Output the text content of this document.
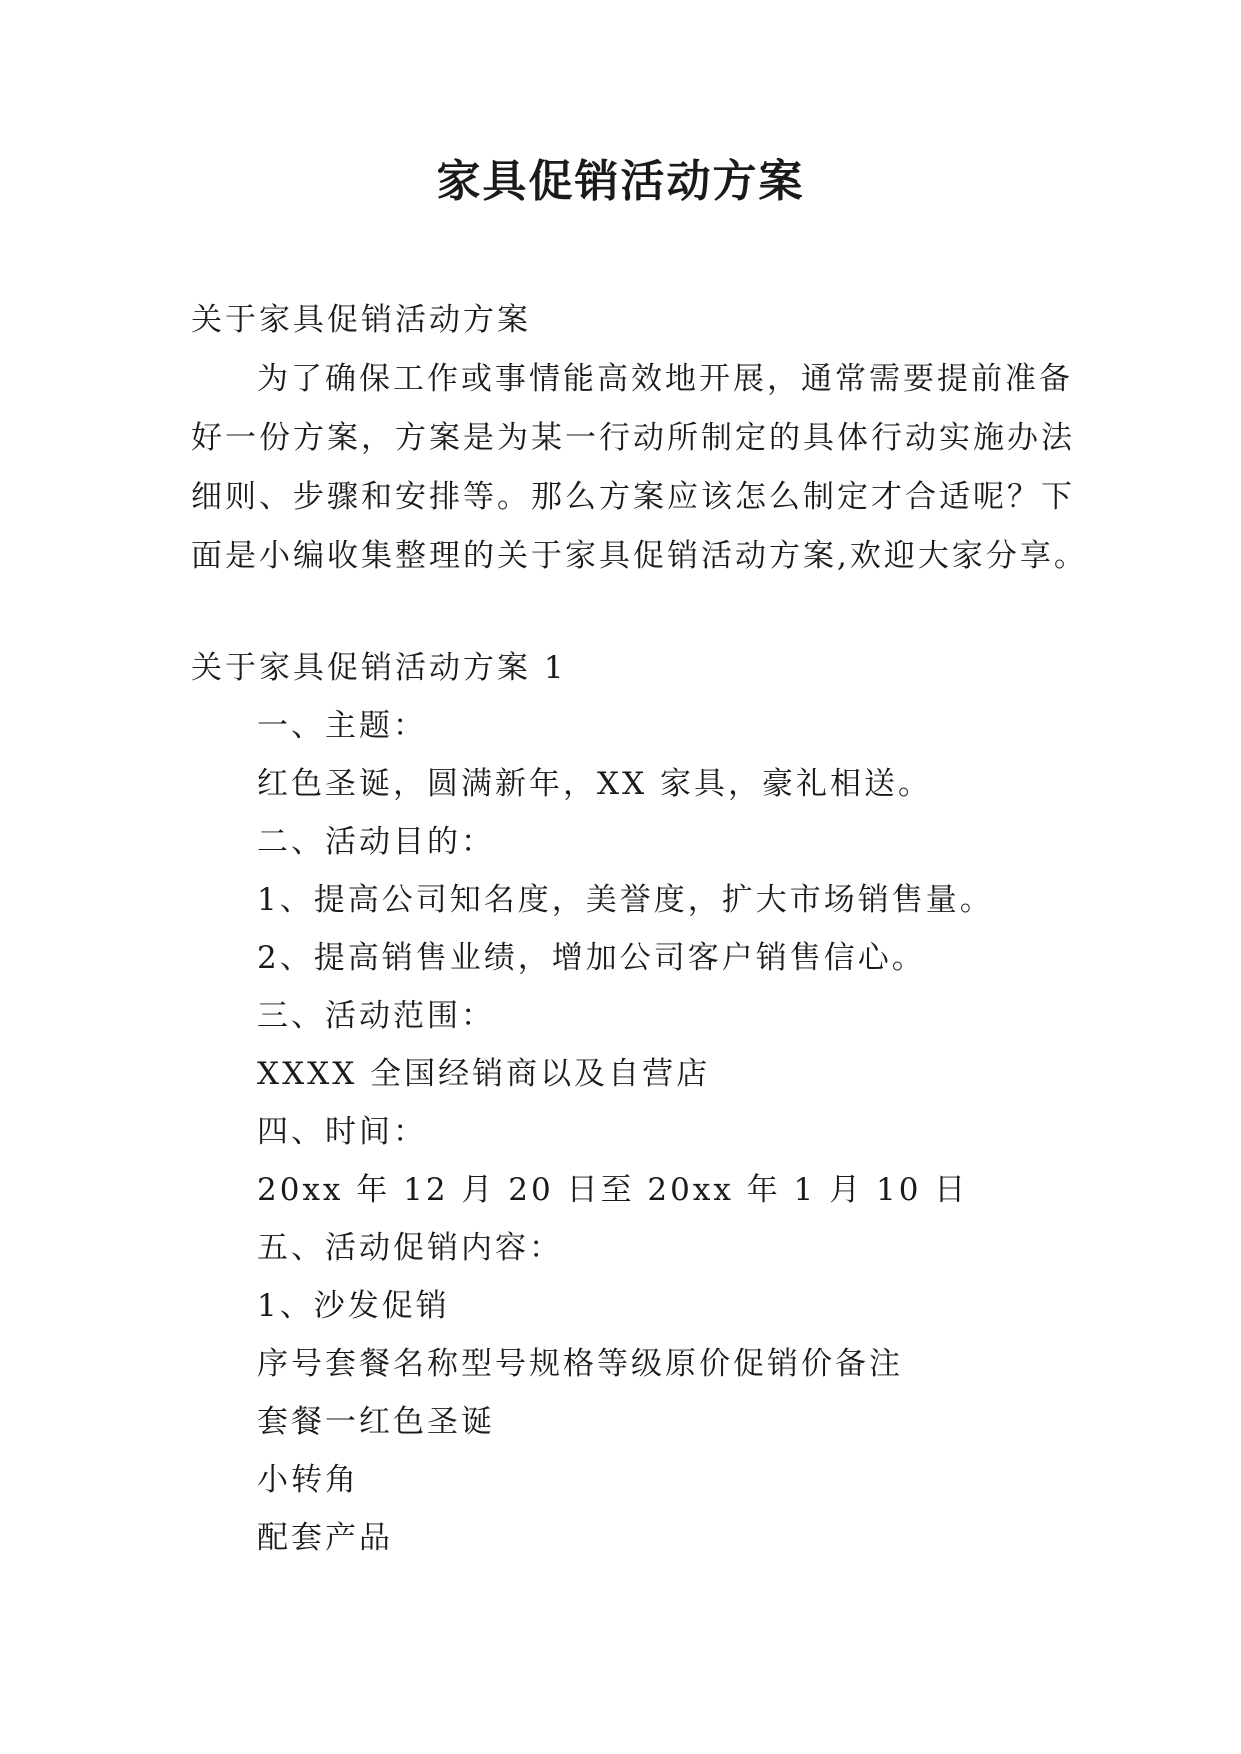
家具促销活动方案

关于家具促销活动方案

为了确保工作或事情能高效地开展，通常需要提前准备
好一份方案，方案是为某一行动所制定的具体行动实施办法
细则、步骤和安排等。那么方案应该怎么制定才合适呢？下
面是小编收集整理的关于家具促销活动方案,欢迎大家分享。

关于家具促销活动方案 1

一、主题：

红色圣诞，圆满新年，XX 家具，豪礼相送。

二、活动目的：

1、提高公司知名度，美誉度，扩大市场销售量。

2、提高销售业绩，增加公司客户销售信心。

三、活动范围：

XXXX 全国经销商以及自营店

四、时间：

20xx 年 12 月 20 日至 20xx 年 1 月 10 日

五、活动促销内容：

1、沙发促销

序号套餐名称型号规格等级原价促销价备注

套餐一红色圣诞

小转角

配套产品
